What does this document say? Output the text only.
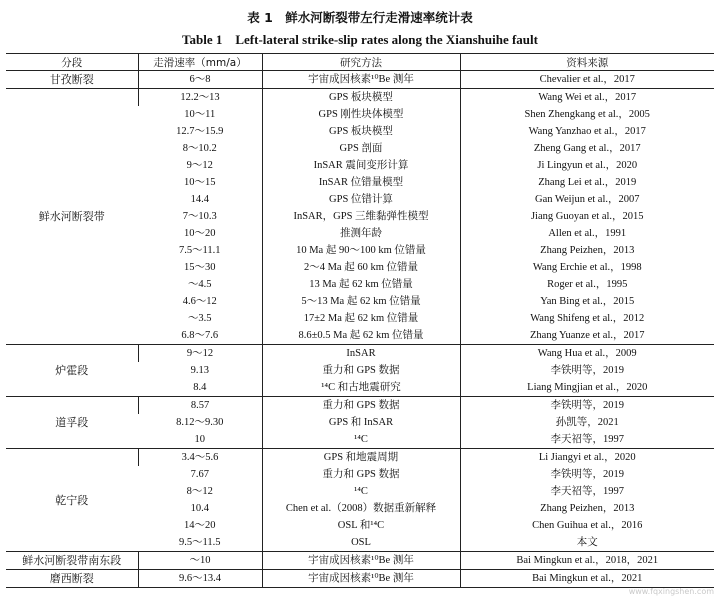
表 1　鲜水河断裂带左行走滑速率统计表
Table 1　Left-lateral strike-slip rates along the Xianshuihe fault
分段	走滑速率（mm/a）	研究方法	资料来源
甘孜断裂	6～8	宇宙成因核素¹⁰Be 测年	Chevalier et al.，2017
鲜水河断裂带	12.2～13	GPS 板块模型	Wang Wei et al.，2017
	10～11	GPS 刚性块体模型	Shen Zhengkang et al.，2005
	12.7～15.9	GPS 板块模型	Wang Yanzhao et al.，2017
	8～10.2	GPS 剖面	Zheng Gang et al.，2017
	9～12	InSAR 震间变形计算	Ji Lingyun et al.，2020
	10～15	InSAR 位错量模型	Zhang Lei et al.，2019
	14.4	GPS 位错计算	Gan Weijun et al.，2007
	7～10.3	InSAR，GPS 三维黏弹性模型	Jiang Guoyan et al.，2015
	10～20	推测年龄	Allen et al.，1991
	7.5～11.1	10 Ma 起 90～100 km 位错量	Zhang Peizhen，2013
	15～30	2～4 Ma 起 60 km 位错量	Wang Erchie et al.，1998
	～4.5	13 Ma 起 62 km 位错量	Roger et al.，1995
	4.6～12	5～13 Ma 起 62 km 位错量	Yan Bing et al.，2015
	～3.5	17±2 Ma 起 62 km 位错量	Wang Shifeng et al.，2012
	6.8～7.6	8.6±0.5 Ma 起 62 km 位错量	Zhang Yuanze et al.，2017
炉霍段	9～12	InSAR	Wang Hua et al.，2009
	9.13	重力和 GPS 数据	李铁明等，2019
	8.4	¹⁴C 和古地震研究	Liang Mingjian et al.，2020
道孚段	8.57	重力和 GPS 数据	李铁明等，2019
	8.12～9.30	GPS 和 InSAR	孙凯等，2021
	10	¹⁴C	李天祒等，1997
乾宁段	3.4～5.6	GPS 和地震周期	Li Jiangyi et al.，2020
	7.67	重力和 GPS 数据	李铁明等，2019
	8～12	¹⁴C	李天祒等，1997
	10.4	Chen et al.（2008）数据重新解释	Zhang Peizhen，2013
	14～20	OSL 和¹⁴C	Chen Guihua et al.，2016
	9.5～11.5	OSL	本文
鲜水河断裂带南东段	～10	宇宙成因核素¹⁰Be 测年	Bai Mingkun et al.，2018，2021
磨西断裂	9.6～13.4	宇宙成因核素¹⁰Be 测年	Bai Mingkun et al.，2021
www.fqxingshen.com
